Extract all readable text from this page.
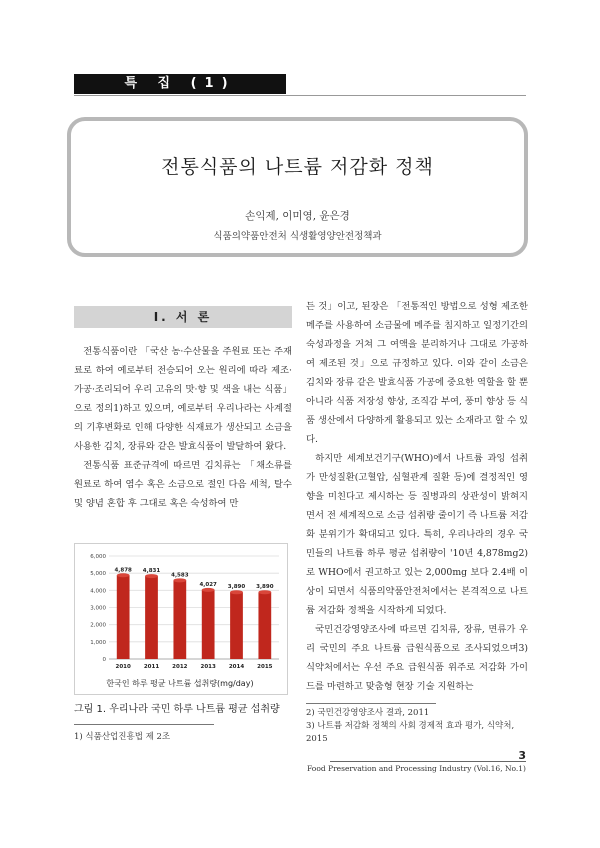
특 집 (1)
전통식품의 나트륨 저감화 정책
손익제, 이미영, 윤은경
식품의약품안전처 식생활영양안전정책과
Ⅰ. 서 론

전통식품이란 「국산 농·수산물을 주원료 또는 주재료로 하여 예로부터 전승되어 오는 원리에 따라 제조·가공·조리되어 우리 고유의 맛·향 및 색을 내는 식품」으로 정의1)하고 있으며, 예로부터 우리나라는 사계절의 기후변화로 인해 다양한 식재료가 생산되고 소금을 사용한 김치, 장류와 같은 발효식품이 발달하여 왔다.

전통식품 표준규격에 따르면 김치류는 「채소류를 원료로 하여 염수 혹은 소금으로 절인 다음 세척, 탈수 및 양념 혼합 후 그대로 혹은 숙성하여 만

든 것」이고, 된장은 「전통적인 방법으로 성형 제조한 메주를 사용하여 소금물에 메주를 침지하고 일정기간의 숙성과정을 거쳐 그 여액을 분리하거나 그대로 가공하여 제조된 것」으로 규정하고 있다. 이와 같이 소금은 김치와 장류 같은 발효식품 가공에 중요한 역할을 할 뿐 아니라 식품 저장성 향상, 조직감 부여, 풍미 향상 등 식품 생산에서 다양하게 활용되고 있는 소재라고 할 수 있다.

하지만 세계보건기구(WHO)에서 나트륨 과잉 섭취가 만성질환(고혈압, 심혈관계 질환 등)에 결정적인 영향을 미친다고 제시하는 등 질병과의 상관성이 밝혀지면서 전 세계적으로 소금 섭취량 줄이기 즉 나트륨 저감화 분위기가 확대되고 있다. 특히, 우리나라의 경우 국민들의 나트륨 하루 평균 섭취량이 '10년 4,878mg2)로 WHO에서 권고하고 있는 2,000mg 보다 2.4배 이상이 되면서 식품의약품안전처에서는 본격적으로 나트륨 저감화 정책을 시작하게 되었다.

국민건강영양조사에 따르면 김치류, 장류, 면류가 우리 국민의 주요 나트륨 급원식품으로 조사되었으며3) 식약처에서는 우선 주요 급원식품 위주로 저감화 가이드를 마련하고 맞춤형 현장 기술 지원하는

0
1,000
2,000
3,000
4,000
5,000
6,000
4,878
2010
4,831
2011
4,583
2012
4,027
2013
3,890
2014
3,890
2015
한국인 하루 평균 나트륨 섭취량(mg/day)
그림 1. 우리나라 국민 하루 나트륨 평균 섭취량
1) 식품산업진흥법 제 2조
2) 국민건강영양조사 결과, 2011
3) 나트륨 저감화 정책의 사회 경제적 효과 평가, 식약처, 2015
3
Food Preservation and Processing Industry (Vol.16, No.1)
